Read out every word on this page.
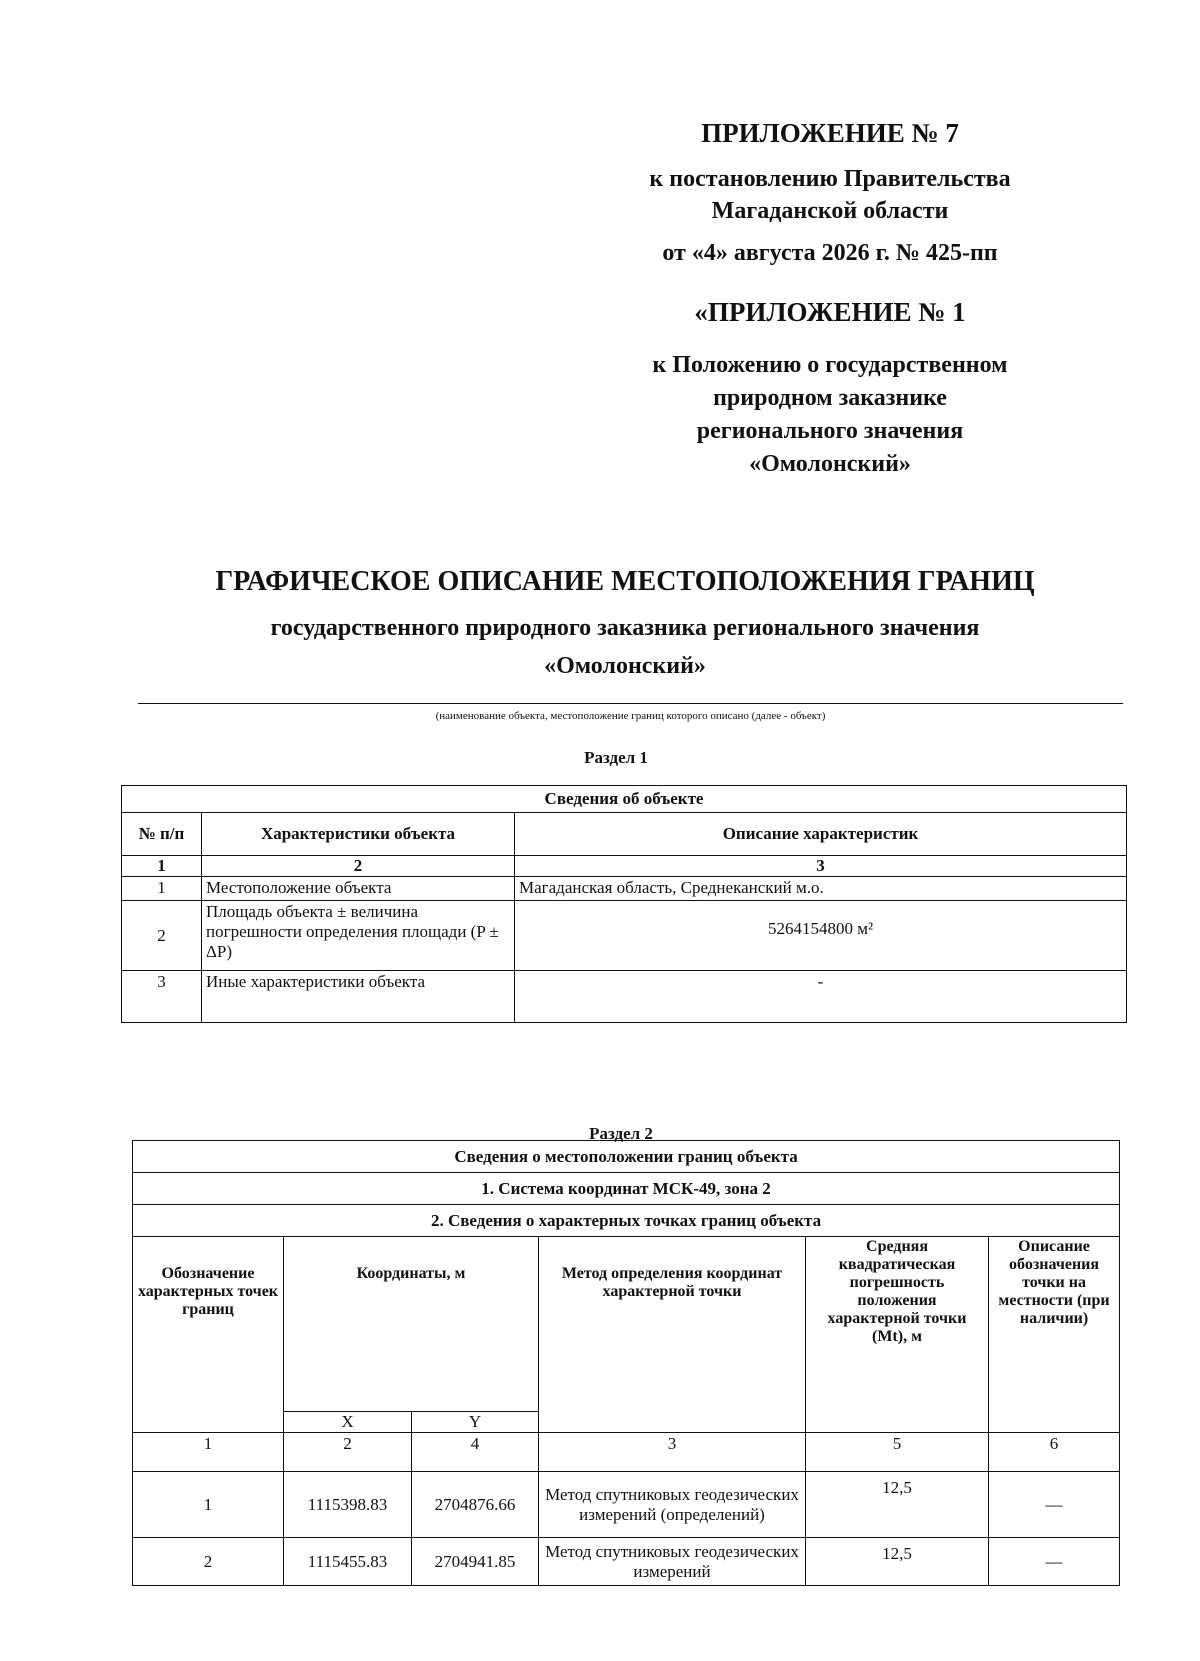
ПРИЛОЖЕНИЕ № 7
к постановлению Правительства
Магаданской области
от «4» августа 2026 г. № 425-пп
«ПРИЛОЖЕНИЕ № 1
к Положению о государственном
природном заказнике
регионального значения
«Омолонский»
ГРАФИЧЕСКОЕ ОПИСАНИЕ МЕСТОПОЛОЖЕНИЯ ГРАНИЦ
государственного природного заказника регионального значения
«Омолонский»
(наименование объекта, местоположение границ которого описано (далее - объект)
Раздел 1
Сведения об объекте		
№ п/п	Характеристики объекта	Описание характеристик
1	2	3
1	Местоположение объекта	Магаданская область, Среднеканский м.о.
2	Площадь объекта ± величина погрешности определения площади (P ± ΔP)	5264154800 м²
3	Иные характеристики объекта	-
Раздел 2
Сведения о местоположении границ объекта					
1. Система координат МСК-49, зона 2					
2. Сведения о характерных точках границ объекта					
Обозначение характерных точек границ	Координаты, м		Метод определения координат характерной точки	Средняя квадратическая погрешность положения характерной точки (Mt), м	Описание обозначения точки на местности (при наличии)
	X	Y			
1	2	4	3	5	6
1	1115398.83	2704876.66	Метод спутниковых геодезических измерений (определений)	12,5	—
2	1115455.83	2704941.85	Метод спутниковых геодезических измерений	12,5	—
